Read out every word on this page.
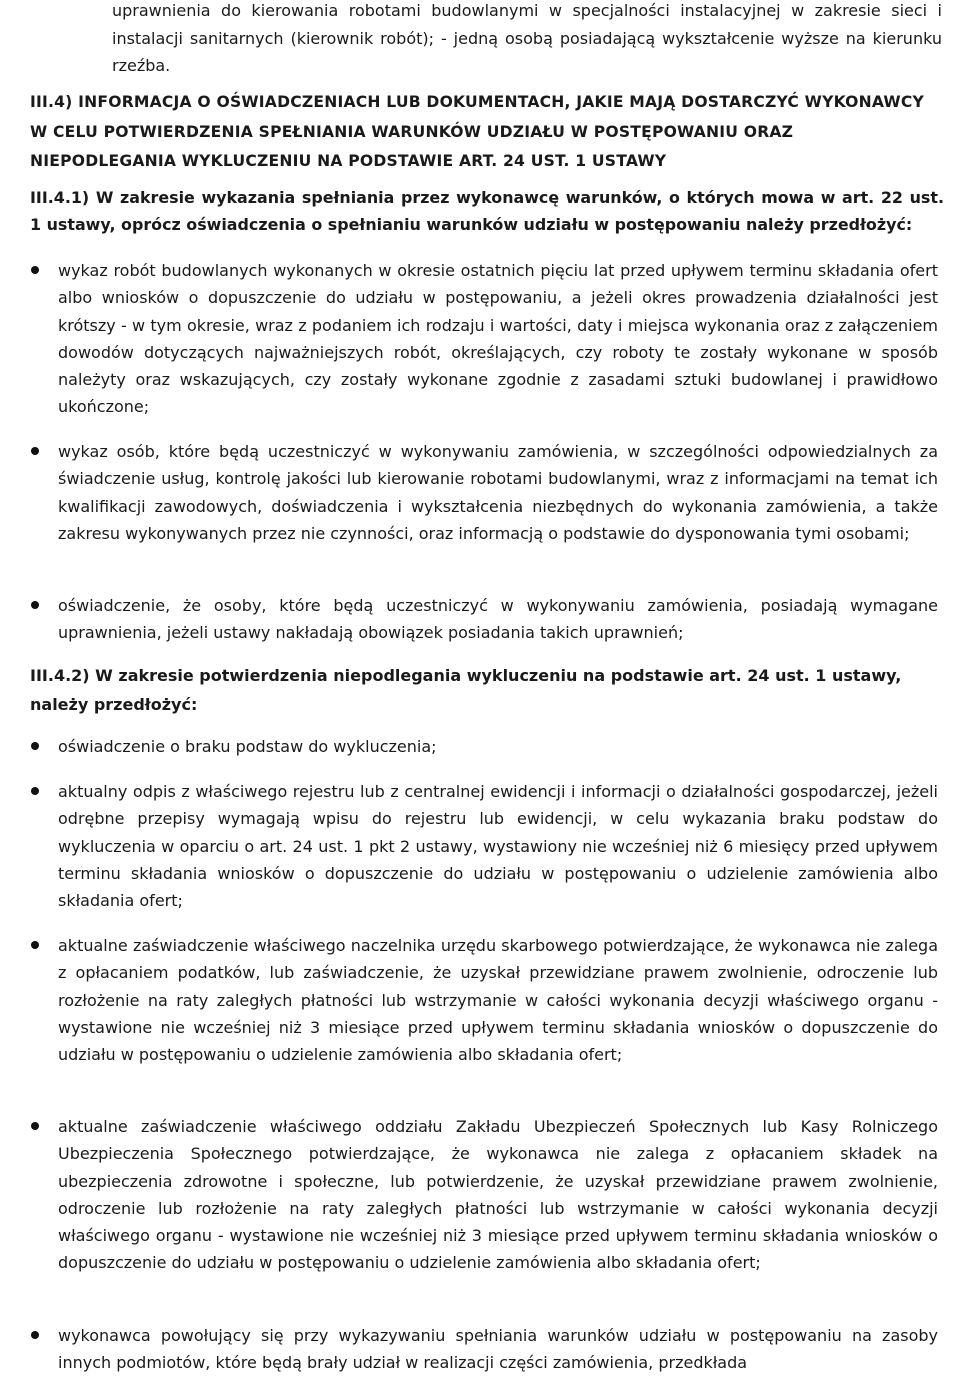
uprawnienia do kierowania robotami budowlanymi w specjalności instalacyjnej w zakresie sieci i instalacji sanitarnych (kierownik robót); - jedną osobą posiadającą wykształcenie wyższe na kierunku rzeźba.
III.4) INFORMACJA O OŚWIADCZENIACH LUB DOKUMENTACH, JAKIE MAJĄ DOSTARCZYĆ WYKONAWCY W CELU POTWIERDZENIA SPEŁNIANIA WARUNKÓW UDZIAŁU W POSTĘPOWANIU ORAZ NIEPODLEGANIA WYKLUCZENIU NA PODSTAWIE ART. 24 UST. 1 USTAWY
III.4.1) W zakresie wykazania spełniania przez wykonawcę warunków, o których mowa w art. 22 ust. 1 ustawy, oprócz oświadczenia o spełnianiu warunków udziału w postępowaniu należy przedłożyć:
wykaz robót budowlanych wykonanych w okresie ostatnich pięciu lat przed upływem terminu składania ofert albo wniosków o dopuszczenie do udziału w postępowaniu, a jeżeli okres prowadzenia działalności jest krótszy - w tym okresie, wraz z podaniem ich rodzaju i wartości, daty i miejsca wykonania oraz z załączeniem dowodów dotyczących najważniejszych robót, określających, czy roboty te zostały wykonane w sposób należyty oraz wskazujących, czy zostały wykonane zgodnie z zasadami sztuki budowlanej i prawidłowo ukończone;
wykaz osób, które będą uczestniczyć w wykonywaniu zamówienia, w szczególności odpowiedzialnych za świadczenie usług, kontrolę jakości lub kierowanie robotami budowlanymi, wraz z informacjami na temat ich kwalifikacji zawodowych, doświadczenia i wykształcenia niezbędnych do wykonania zamówienia, a także zakresu wykonywanych przez nie czynności, oraz informacją o podstawie do dysponowania tymi osobami;
oświadczenie, że osoby, które będą uczestniczyć w wykonywaniu zamówienia, posiadają wymagane uprawnienia, jeżeli ustawy nakładają obowiązek posiadania takich uprawnień;
III.4.2) W zakresie potwierdzenia niepodlegania wykluczeniu na podstawie art. 24 ust. 1 ustawy, należy przedłożyć:
oświadczenie o braku podstaw do wykluczenia;
aktualny odpis z właściwego rejestru lub z centralnej ewidencji i informacji o działalności gospodarczej, jeżeli odrębne przepisy wymagają wpisu do rejestru lub ewidencji, w celu wykazania braku podstaw do wykluczenia w oparciu o art. 24 ust. 1 pkt 2 ustawy, wystawiony nie wcześniej niż 6 miesięcy przed upływem terminu składania wniosków o dopuszczenie do udziału w postępowaniu o udzielenie zamówienia albo składania ofert;
aktualne zaświadczenie właściwego naczelnika urzędu skarbowego potwierdzające, że wykonawca nie zalega z opłacaniem podatków, lub zaświadczenie, że uzyskał przewidziane prawem zwolnienie, odroczenie lub rozłożenie na raty zaległych płatności lub wstrzymanie w całości wykonania decyzji właściwego organu - wystawione nie wcześniej niż 3 miesiące przed upływem terminu składania wniosków o dopuszczenie do udziału w postępowaniu o udzielenie zamówienia albo składania ofert;
aktualne zaświadczenie właściwego oddziału Zakładu Ubezpieczeń Społecznych lub Kasy Rolniczego Ubezpieczenia Społecznego potwierdzające, że wykonawca nie zalega z opłacaniem składek na ubezpieczenia zdrowotne i społeczne, lub potwierdzenie, że uzyskał przewidziane prawem zwolnienie, odroczenie lub rozłożenie na raty zaległych płatności lub wstrzymanie w całości wykonania decyzji właściwego organu - wystawione nie wcześniej niż 3 miesiące przed upływem terminu składania wniosków o dopuszczenie do udziału w postępowaniu o udzielenie zamówienia albo składania ofert;
wykonawca powołujący się przy wykazywaniu spełniania warunków udziału w postępowaniu na zasoby innych podmiotów, które będą brały udział w realizacji części zamówienia, przedkłada
